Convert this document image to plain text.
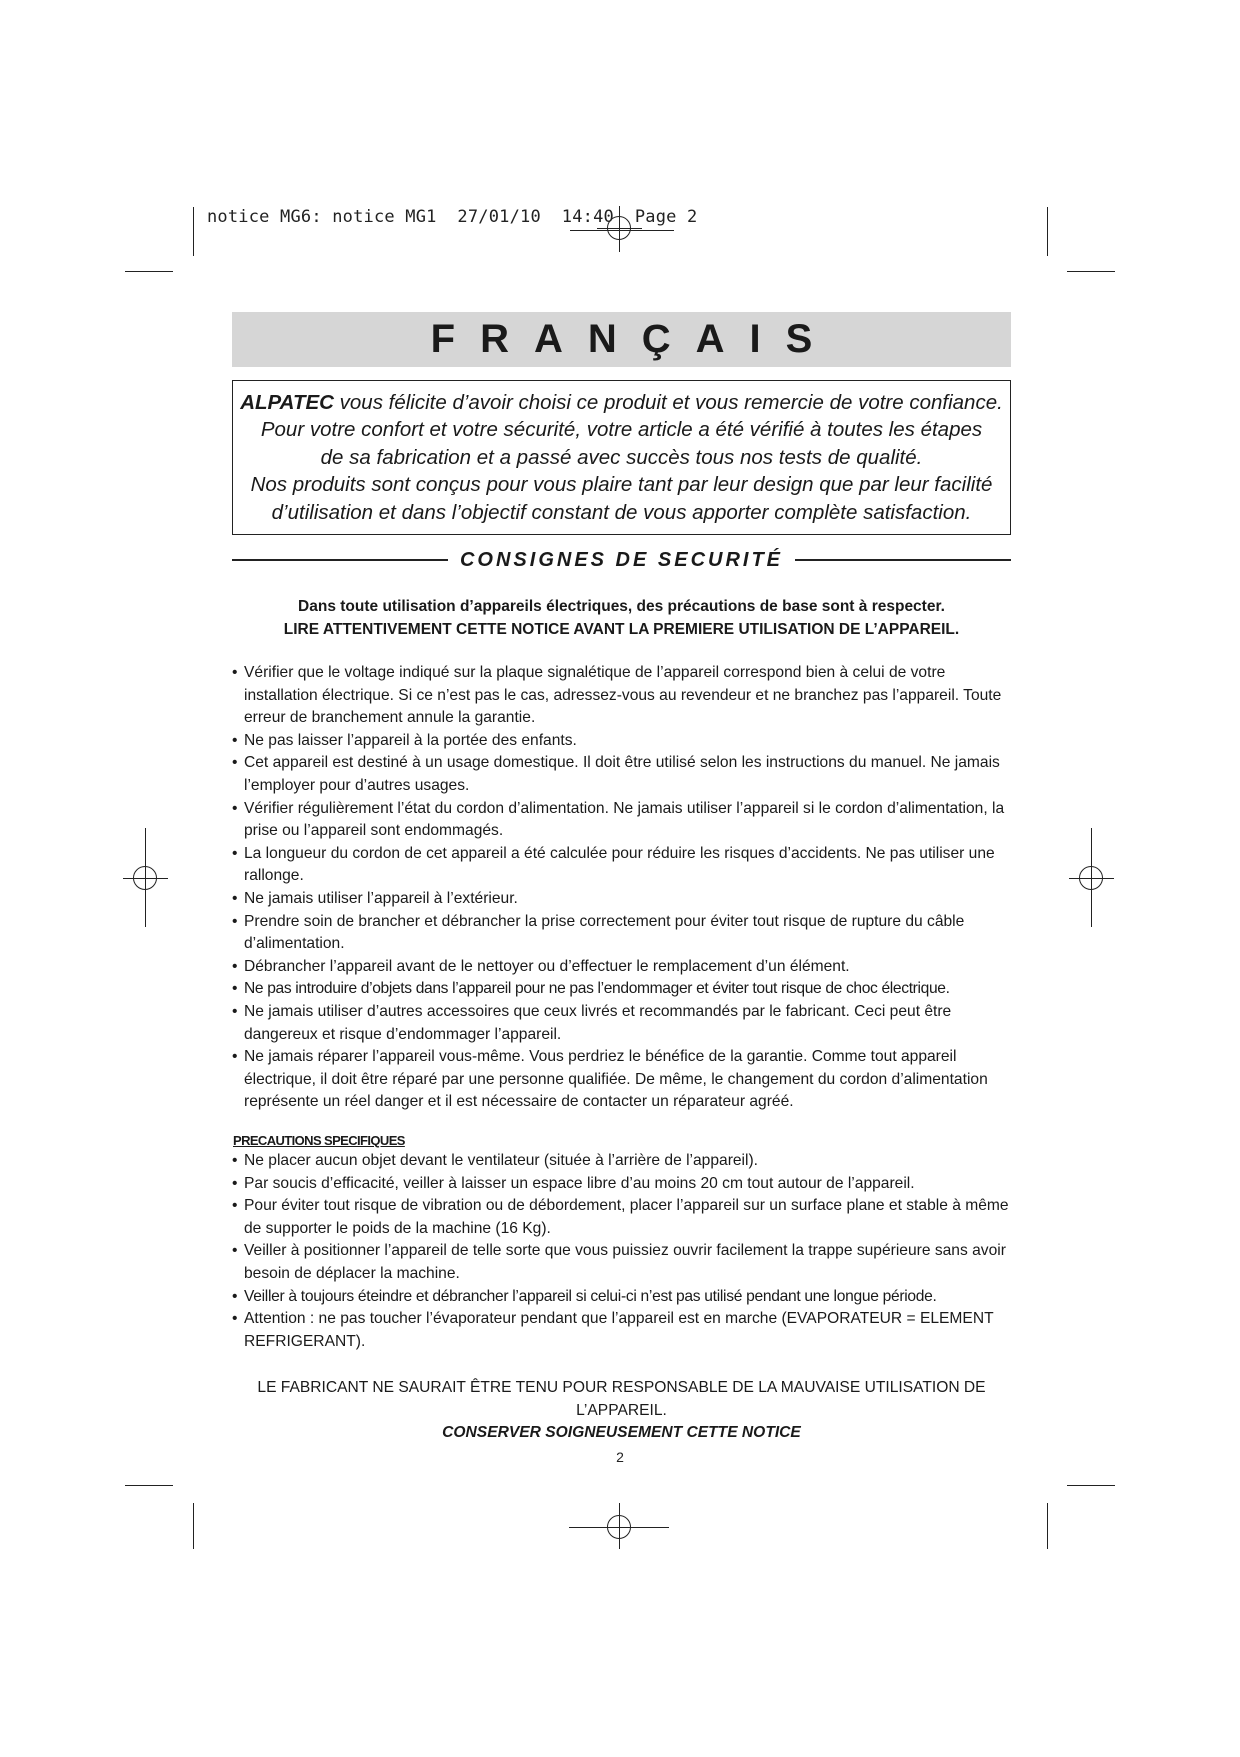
notice MG6: notice MG1  27/01/10  14:40  Page 2
FRANÇAIS
ALPATEC vous félicite d’avoir choisi ce produit et vous remercie de votre confiance.
Pour votre confort et votre sécurité, votre article a été vérifié à toutes les étapes
de sa fabrication et a passé avec succès tous nos tests de qualité.
Nos produits sont conçus pour vous plaire tant par leur design que par leur facilité
d’utilisation et dans l’objectif constant de vous apporter complète satisfaction.
CONSIGNES DE SECURITÉ
Dans toute utilisation d’appareils électriques, des précautions de base sont à respecter.
LIRE ATTENTIVEMENT CETTE NOTICE AVANT LA PREMIERE UTILISATION DE L’APPAREIL.
• Vérifier que le voltage indiqué sur la plaque signalétique de l’appareil correspond bien à celui de votre installation électrique. Si ce n’est pas le cas, adressez-vous au revendeur et ne branchez pas l’appareil. Toute erreur de branchement annule la garantie.
• Ne pas laisser l’appareil à la portée des enfants.
• Cet appareil est destiné à un usage domestique. Il doit être utilisé selon les instructions du manuel. Ne jamais l’employer pour d’autres usages.
• Vérifier régulièrement l’état du cordon d’alimentation. Ne jamais utiliser l’appareil si le cordon d’alimentation, la prise ou l’appareil sont endommagés.
• La longueur du cordon de cet appareil a été calculée pour réduire les risques d’accidents. Ne pas utiliser une rallonge.
• Ne jamais utiliser l’appareil à l’extérieur.
• Prendre soin de brancher et débrancher la prise correctement pour éviter tout risque de rupture du câble d’alimentation.
• Débrancher l’appareil avant de le nettoyer ou d’effectuer le remplacement d’un élément.
• Ne pas introduire d’objets dans l’appareil pour ne pas l’endommager et éviter tout risque de choc électrique.
• Ne jamais utiliser d’autres accessoires que ceux livrés et recommandés par le fabricant. Ceci peut être dangereux et risque d’endommager l’appareil.
• Ne jamais réparer l’appareil vous-même. Vous perdriez le bénéfice de la garantie. Comme tout appareil électrique, il doit être réparé par une personne qualifiée. De même, le changement du cordon d’alimentation représente un réel danger et il est nécessaire de contacter un réparateur agréé.
PRECAUTIONS SPECIFIQUES
• Ne placer aucun objet devant le ventilateur (située à l’arrière de l’appareil).
• Par soucis d’efficacité, veiller à laisser un espace libre d’au moins 20 cm tout autour de l’appareil.
• Pour éviter tout risque de vibration ou de débordement, placer l’appareil sur un surface plane et stable à même de supporter le poids de la machine (16 Kg).
• Veiller à positionner l’appareil de telle sorte que vous puissiez ouvrir facilement la trappe supérieure sans avoir besoin de déplacer la machine.
• Veiller à toujours éteindre et débrancher l’appareil si celui-ci n’est pas utilisé pendant une longue période.
• Attention : ne pas toucher l’évaporateur pendant que l’appareil est en marche (EVAPORATEUR = ELEMENT REFRIGERANT).
LE FABRICANT NE SAURAIT ÊTRE TENU POUR RESPONSABLE DE LA MAUVAISE UTILISATION DE L’APPAREIL.
CONSERVER SOIGNEUSEMENT CETTE NOTICE
2
